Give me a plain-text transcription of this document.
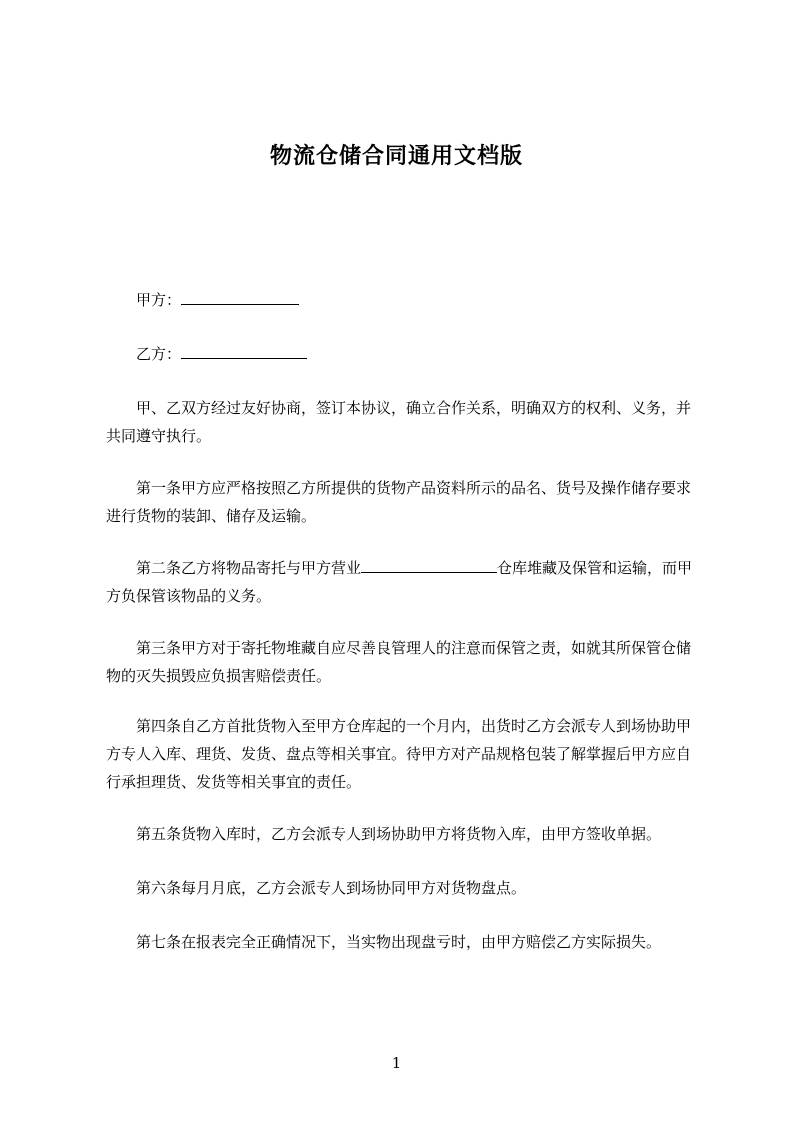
物流仓储合同通用文档版
甲方：
乙方：
甲、乙双方经过友好协商，签订本协议，确立合作关系，明确双方的权利、义务，并共同遵守执行。
第一条甲方应严格按照乙方所提供的货物产品资料所示的品名、货号及操作储存要求进行货物的装卸、储存及运输。
第二条乙方将物品寄托与甲方营业	仓库堆藏及保管和运输，而甲方负保管该物品的义务。
第三条甲方对于寄托物堆藏自应尽善良管理人的注意而保管之责，如就其所保管仓储物的灭失损毁应负损害赔偿责任。
第四条自乙方首批货物入至甲方仓库起的一个月内，出货时乙方会派专人到场协助甲方专人入库、理货、发货、盘点等相关事宜。待甲方对产品规格包装了解掌握后甲方应自行承担理货、发货等相关事宜的责任。
第五条货物入库时，乙方会派专人到场协助甲方将货物入库，由甲方签收单据。
第六条每月月底，乙方会派专人到场协同甲方对货物盘点。
第七条在报表完全正确情况下，当实物出现盘亏时，由甲方赔偿乙方实际损失。
1
